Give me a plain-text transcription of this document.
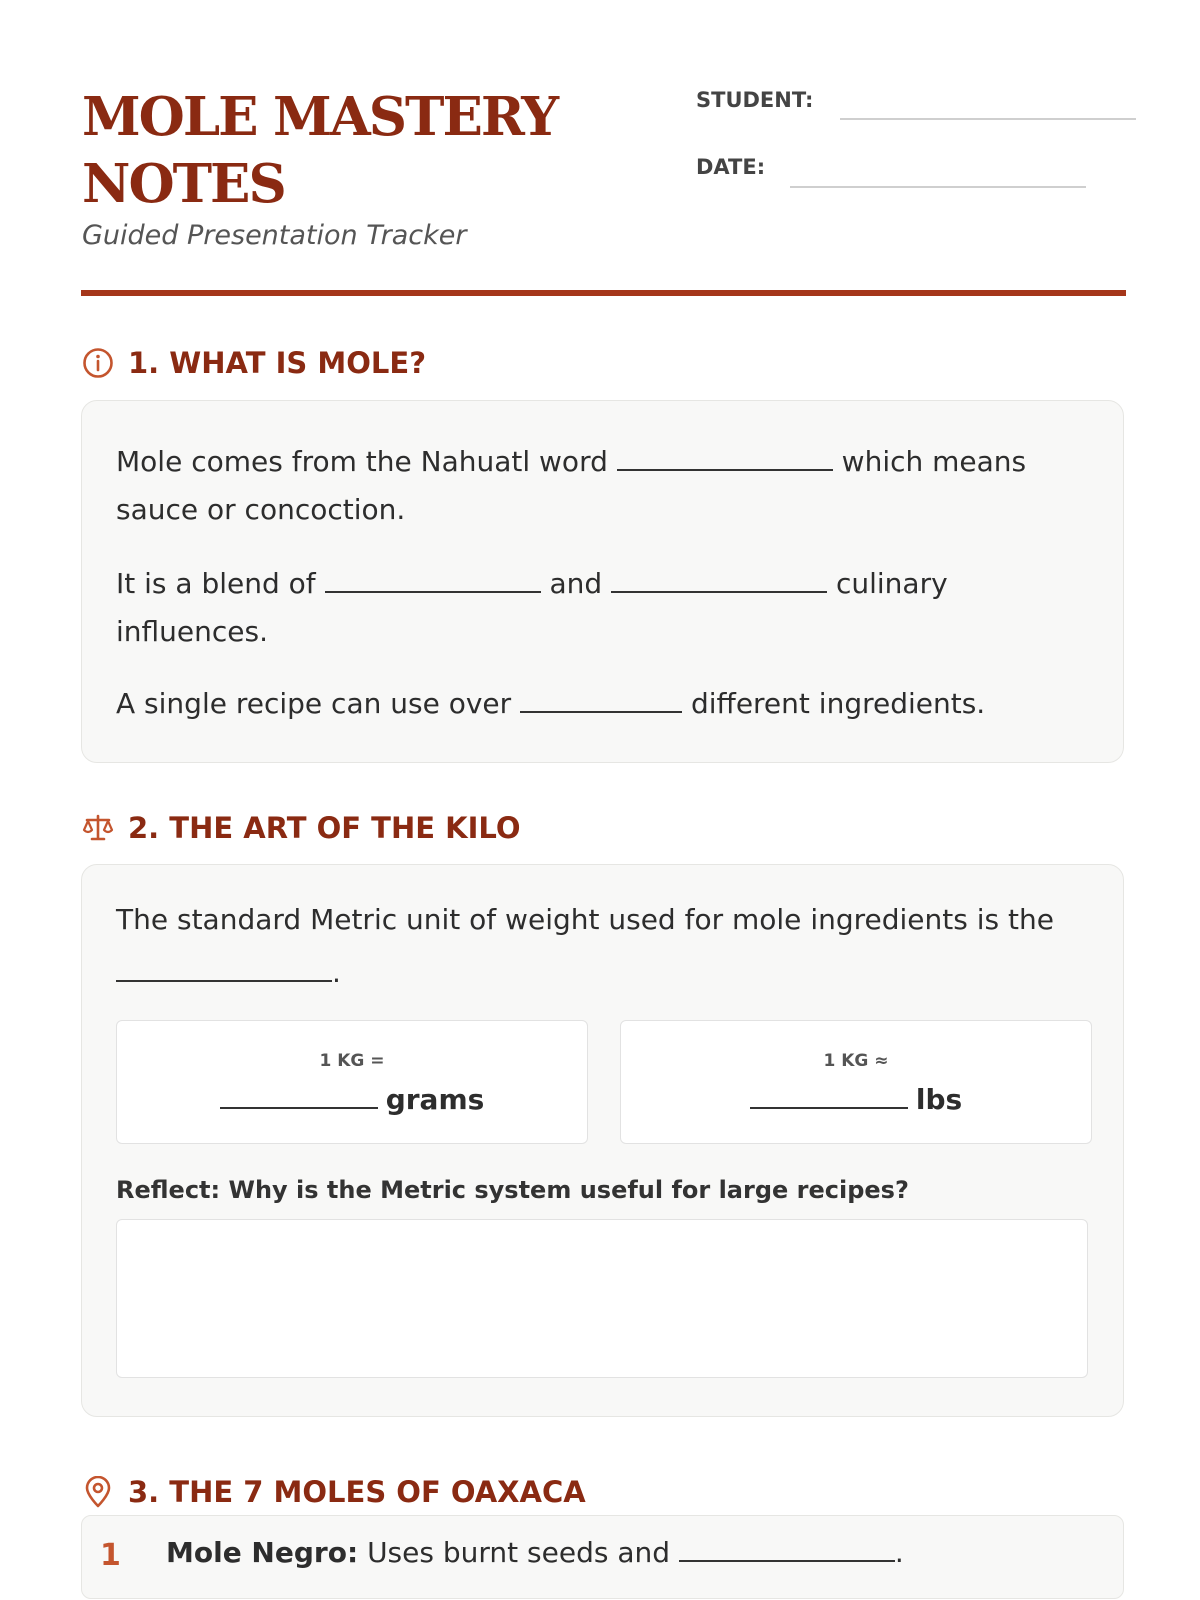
MOLE MASTERY
NOTES
Guided Presentation Tracker
STUDENT:
DATE:
1. WHAT IS MOLE?
Mole comes from the Nahuatl word	which means
sauce or concoction.
It is a blend of	and	culinary
influences.
A single recipe can use over	different ingredients.
2. THE ART OF THE KILO
The standard Metric unit of weight used for mole ingredients is the
.
1 KG =
grams
1 KG ≈
lbs
Reflect: Why is the Metric system useful for large recipes?
3. THE 7 MOLES OF OAXACA
1 Mole Negro: Uses burnt seeds and	.
